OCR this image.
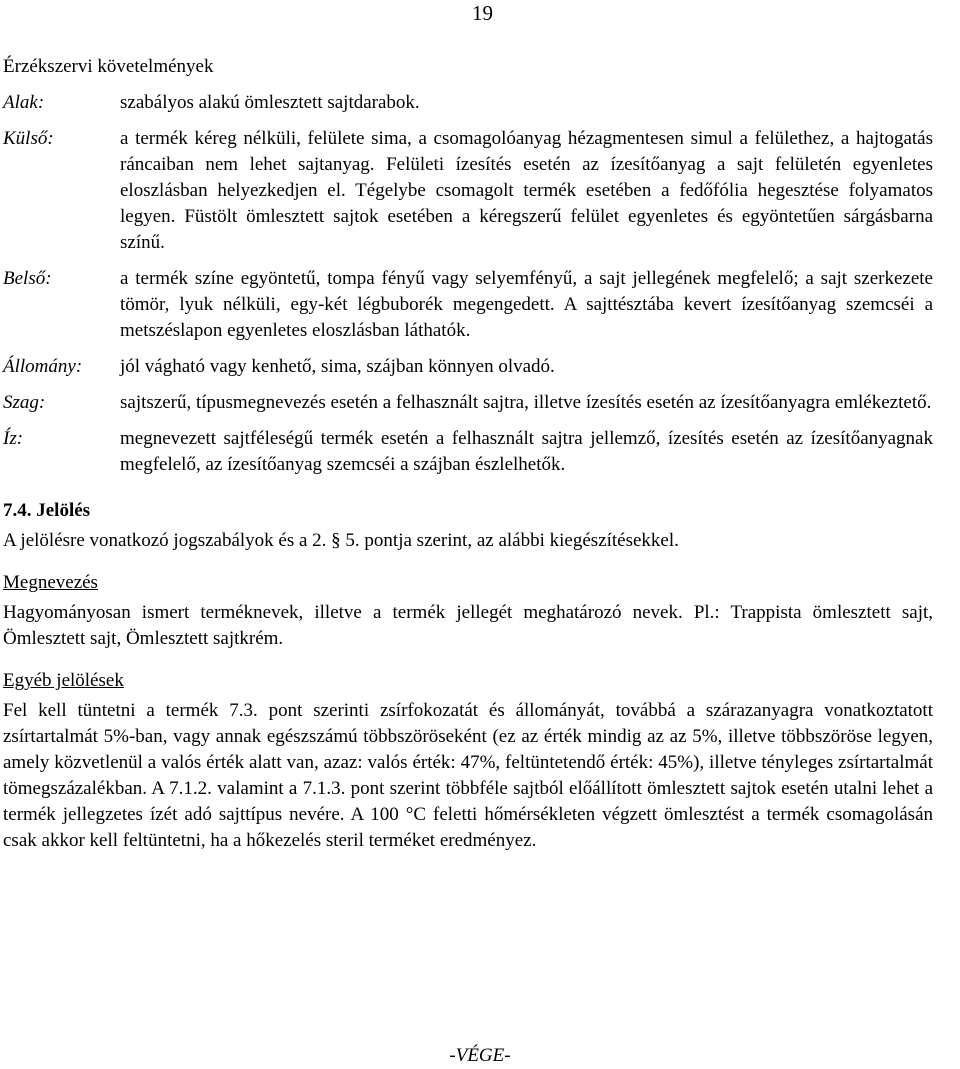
19
Érzékszervi követelmények
Alak:	szabályos alakú ömlesztett sajtdarabok.
Külső:	a termék kéreg nélküli, felülete sima, a csomagolóanyag hézagmentesen simul a felülethez, a hajtogatás ráncaiban nem lehet sajtanyag. Felületi ízesítés esetén az ízesítőanyag a sajt felületén egyenletes eloszlásban helyezkedjen el. Tégelybe csomagolt termék esetében a fedőfólia hegesztése folyamatos legyen. Füstölt ömlesztett sajtok esetében a kéregszerű felület egyenletes és egyöntetűen sárgásbarna színű.
Belső:	a termék színe egyöntetű, tompa fényű vagy selyemfényű, a sajt jellegének megfelelő; a sajt szerkezete tömör, lyuk nélküli, egy-két légbuborék megengedett. A sajttésztába kevert ízesítőanyag szemcséi a metszéslapon egyenletes eloszlásban láthatók.
Állomány:	jól vágható vagy kenhető, sima, szájban könnyen olvadó.
Szag:	sajtszerű, típusmegnevezés esetén a felhasznált sajtra, illetve ízesítés esetén az ízesítőanyagra emlékeztető.
Íz:	megnevezett sajtféleségű termék esetén a felhasznált sajtra jellemző, ízesítés esetén az ízesítőanyagnak megfelelő, az ízesítőanyag szemcséi a szájban észlelhetők.
7.4. Jelölés
A jelölésre vonatkozó jogszabályok és a 2. § 5. pontja szerint, az alábbi kiegészítésekkel.
Megnevezés
Hagyományosan ismert terméknevek, illetve a termék jellegét meghatározó nevek. Pl.: Trappista ömlesztett sajt, Ömlesztett sajt, Ömlesztett sajtkrém.
Egyéb jelölések
Fel kell tüntetni a termék 7.3. pont szerinti zsírfokozatát és állományát, továbbá a szárazanyagra vonatkoztatott zsírtartalmát 5%-ban, vagy annak egészszámú többszöröseként (ez az érték mindig az az 5%, illetve többszöröse legyen, amely közvetlenül a valós érték alatt van, azaz: valós érték: 47%, feltüntetendő érték: 45%), illetve tényleges zsírtartalmát tömegszázalékban. A 7.1.2. valamint a 7.1.3. pont szerint többféle sajtból előállított ömlesztett sajtok esetén utalni lehet a termék jellegzetes ízét adó sajttípus nevére. A 100 °C feletti hőmérsékleten végzett ömlesztést a termék csomagolásán csak akkor kell feltüntetni, ha a hőkezelés steril terméket eredményez.
-VÉGE-
